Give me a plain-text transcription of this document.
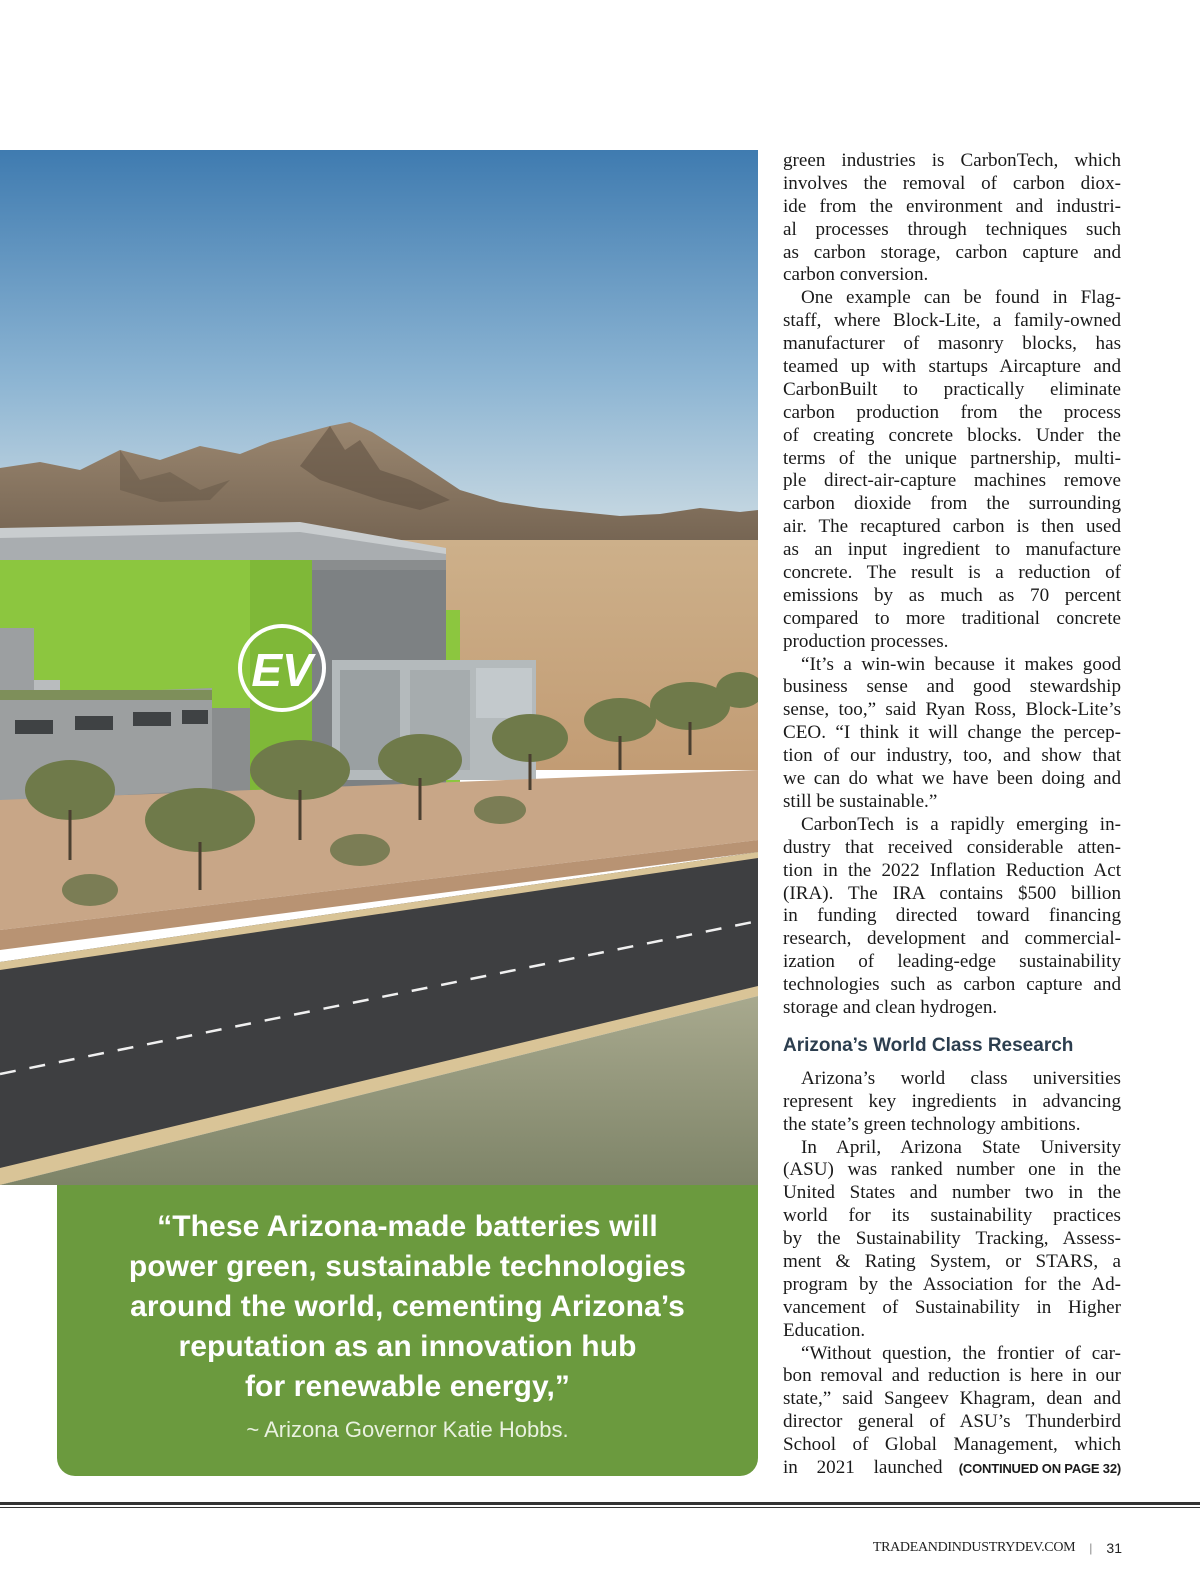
EV
“These Arizona-made batteries will
power green, sustainable technologies
around the world, cementing Arizona’s
reputation as an innovation hub
for renewable energy,”
~ Arizona Governor Katie Hobbs.
green industries is CarbonTech, which
involves the removal of carbon diox-
ide from the environment and industri-
al processes through techniques such
as carbon storage, carbon capture and
carbon conversion.
One example can be found in Flag-
staff, where Block-Lite, a family-owned
manufacturer of masonry blocks, has
teamed up with startups Aircapture and
CarbonBuilt to practically eliminate
carbon production from the process
of creating concrete blocks. Under the
terms of the unique partnership, multi-
ple direct-air-capture machines remove
carbon dioxide from the surrounding
air. The recaptured carbon is then used
as an input ingredient to manufacture
concrete. The result is a reduction of
emissions by as much as 70 percent
compared to more traditional concrete
production processes.
“It’s a win-win because it makes good
business sense and good stewardship
sense, too,” said Ryan Ross, Block-Lite’s
CEO. “I think it will change the percep-
tion of our industry, too, and show that
we can do what we have been doing and
still be sustainable.”
CarbonTech is a rapidly emerging in-
dustry that received considerable atten-
tion in the 2022 Inflation Reduction Act
(IRA). The IRA contains $500 billion
in funding directed toward financing
research, development and commercial-
ization of leading-edge sustainability
technologies such as carbon capture and
storage and clean hydrogen.
Arizona’s World Class Research
Arizona’s world class universities
represent key ingredients in advancing
the state’s green technology ambitions.
In April, Arizona State University
(ASU) was ranked number one in the
United States and number two in the
world for its sustainability practices
by the Sustainability Tracking, Assess-
ment & Rating System, or STARS, a
program by the Association for the Ad-
vancement of Sustainability in Higher
Education.
“Without question, the frontier of car-
bon removal and reduction is here in our
state,” said Sangeev Khagram, dean and
director general of ASU’s Thunderbird
School of Global Management, which
in 2021 launched (CONTINUED ON PAGE 32)
TRADEANDINDUSTRYDEV.COM | 31
